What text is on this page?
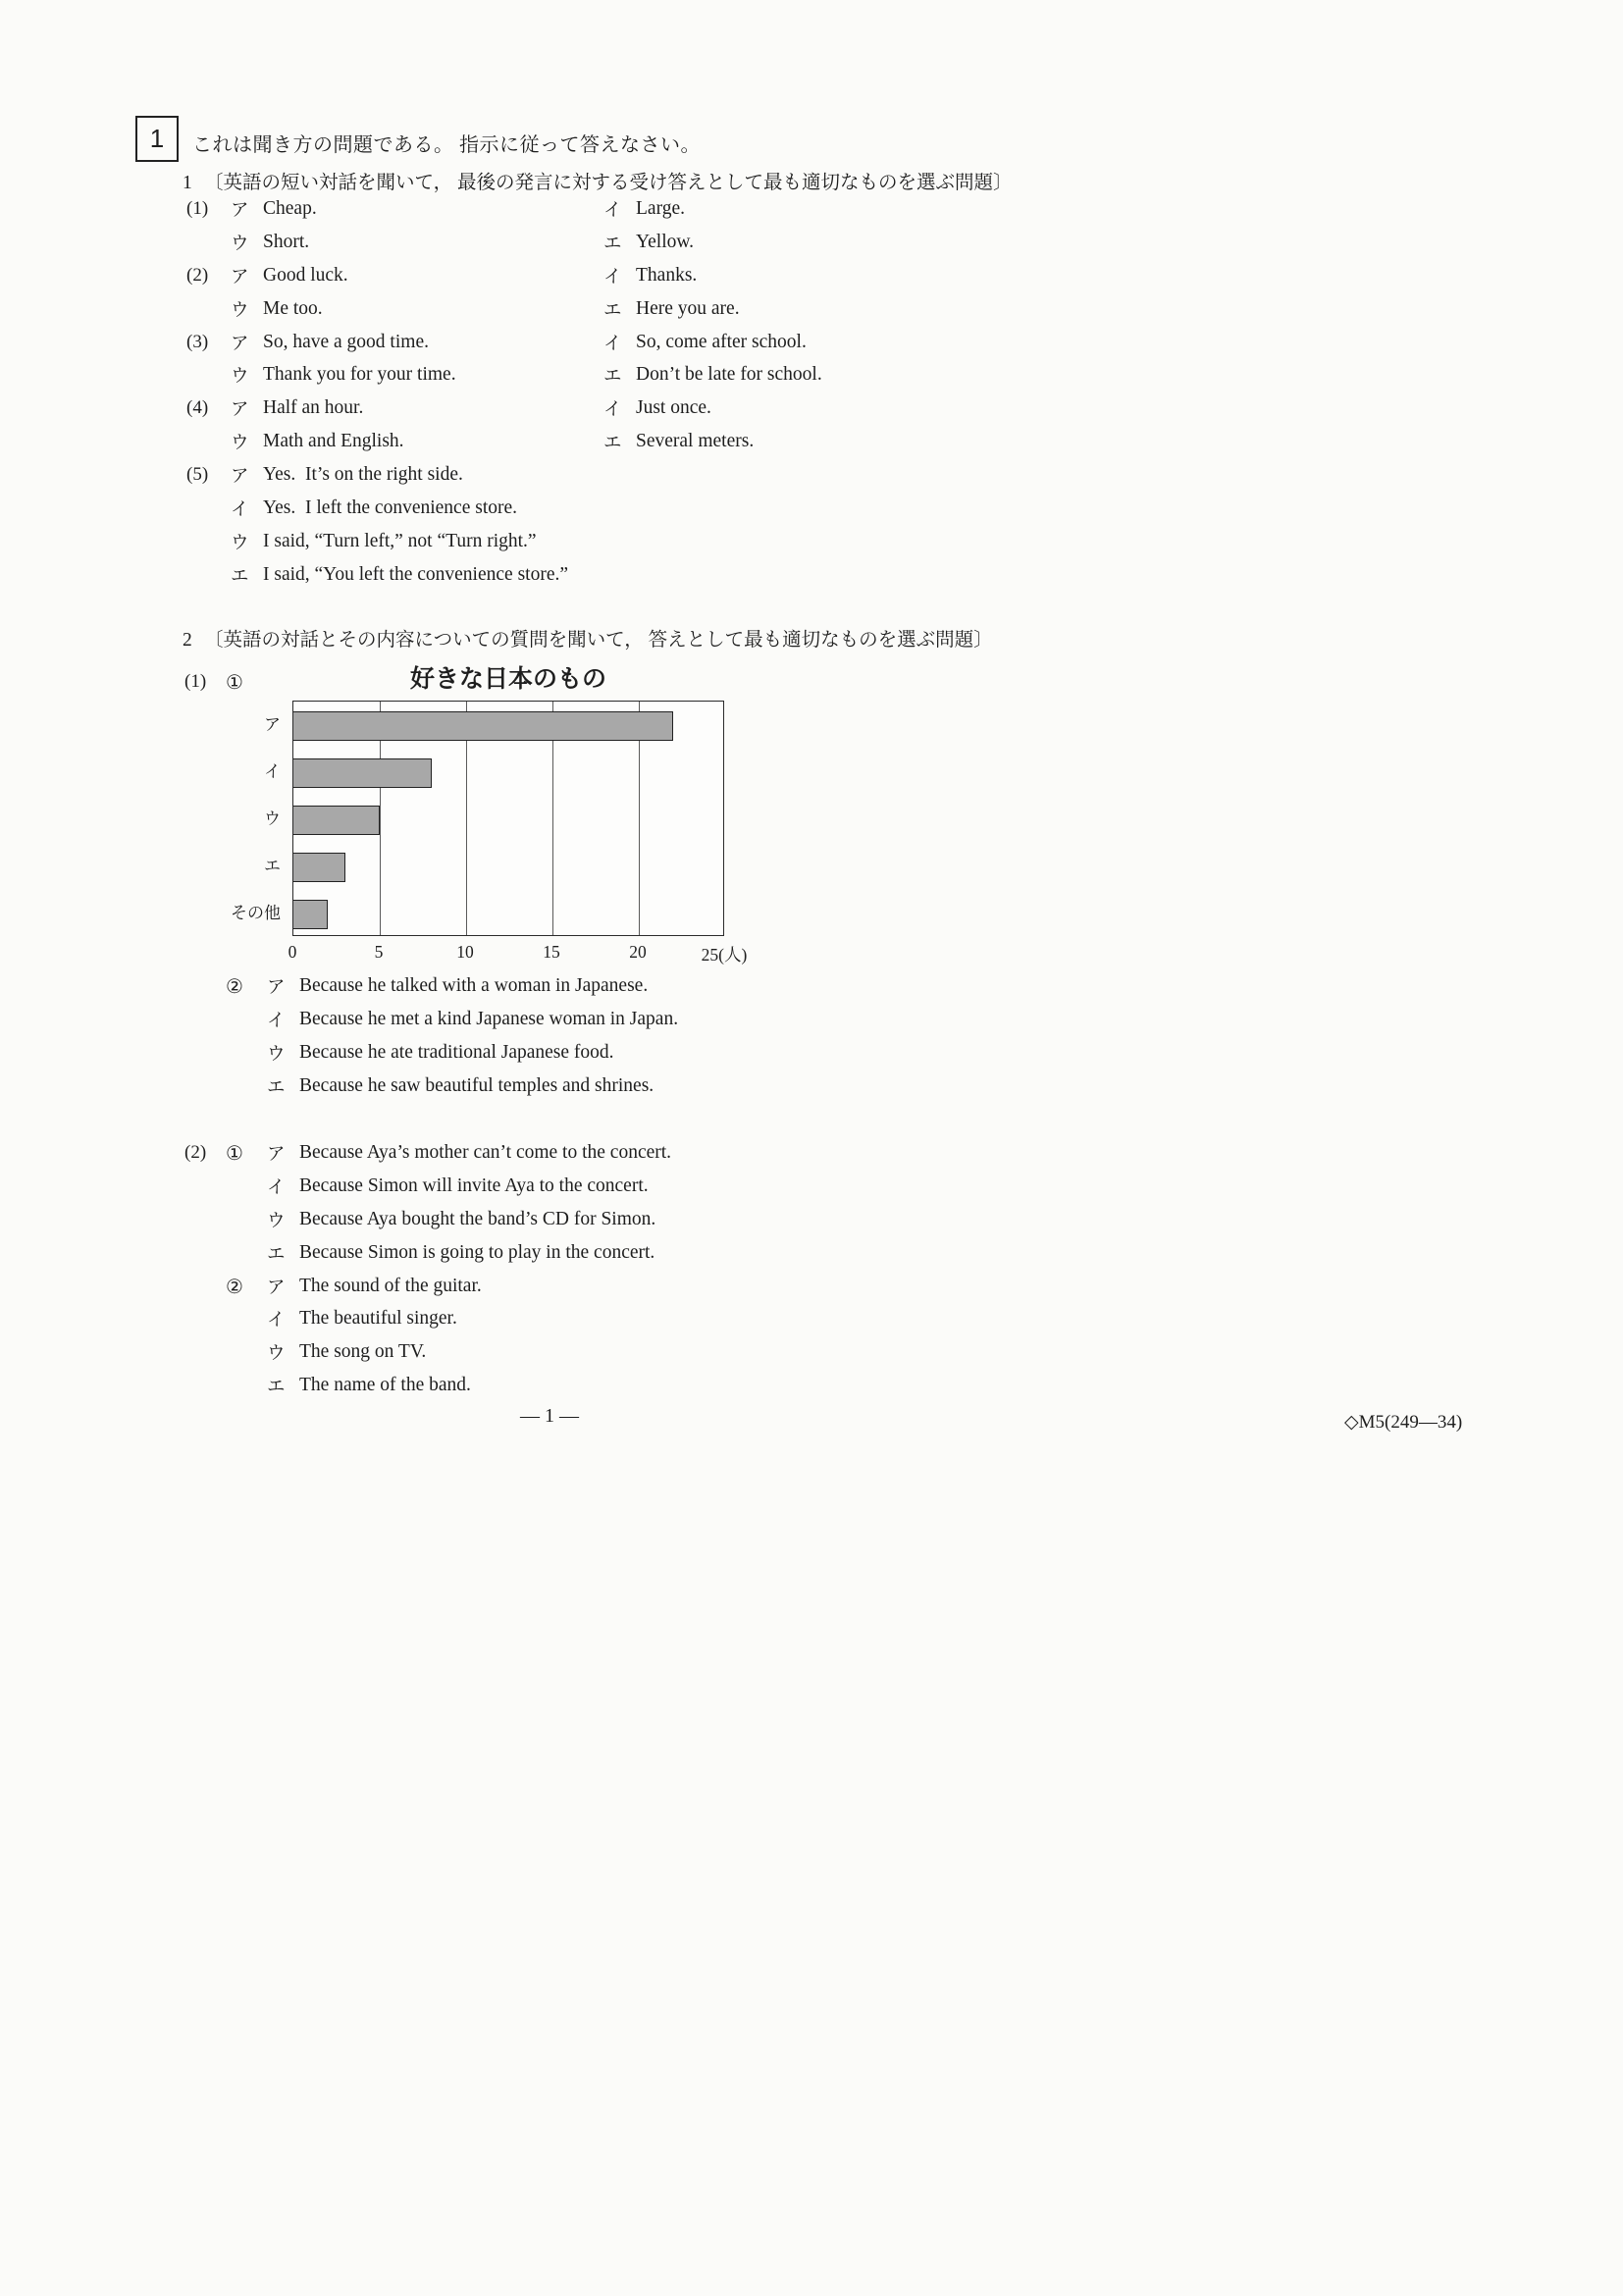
1 これは聞き方の問題である。 指示に従って答えなさい。
1 〔英語の短い対話を聞いて， 最後の発言に対する受け答えとして最も適切なものを選ぶ問題〕
(1)	ア Cheap.	イ Large.
ウ Short.	エ Yellow.
(2)	ア Good luck.	イ Thanks.
ウ Me too.	エ Here you are.
(3)	ア So, have a good time.	イ So, come after school.
ウ Thank you for your time.	エ Don’t be late for school.
(4)	ア Half an hour.	イ Just once.
ウ Math and English.	エ Several meters.
(5)	ア Yes.  It’s on the right side.
イ Yes.  I left the convenience store.
ウ I said, “Turn left,” not “Turn right.”
エ I said, “You left the convenience store.”
2 〔英語の対話とその内容についての質問を聞いて， 答えとして最も適切なものを選ぶ問題〕
(1) ①	好きな日本のもの
ア
イ
ウ
エ
その他
0	5	10	15	20	25(人)
②	ア Because he talked with a woman in Japanese.
イ Because he met a kind Japanese woman in Japan.
ウ Because he ate traditional Japanese food.
エ Because he saw beautiful temples and shrines.
(2) ①	ア Because Aya’s mother can’t come to the concert.
イ Because Simon will invite Aya to the concert.
ウ Because Aya bought the band’s CD for Simon.
エ Because Simon is going to play in the concert.
②	ア The sound of the guitar.
イ The beautiful singer.
ウ The song on TV.
エ The name of the band.
— 1 —	◇M5(249—34)
